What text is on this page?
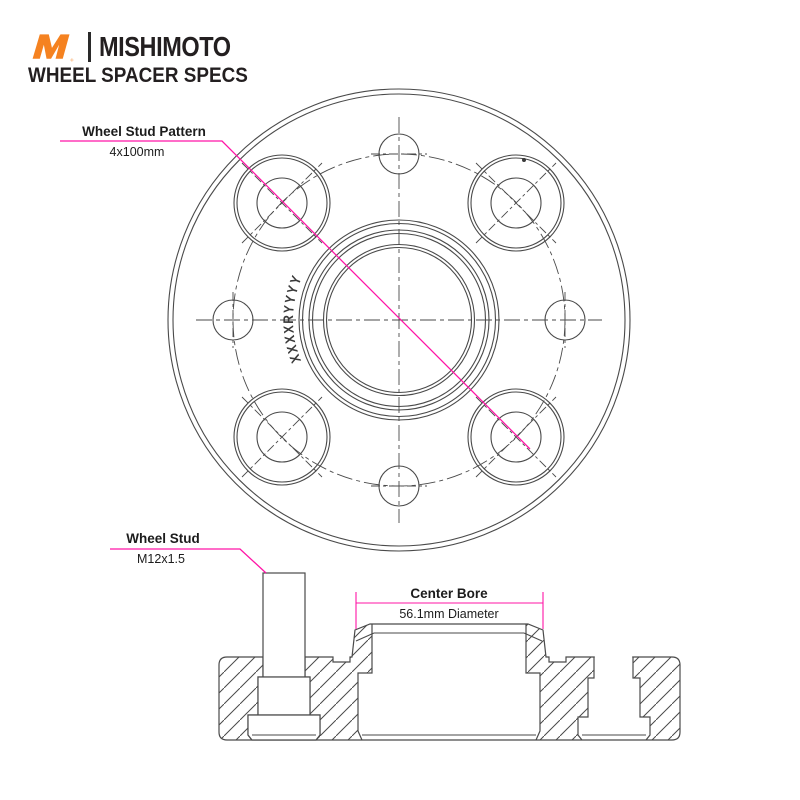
® MISHIMOTO
WHEEL SPACER SPECS
X
X
X
X
R
Y
Y
Y
Y
Wheel Stud Pattern
4x100mm
Wheel Stud
M12x1.5
Center Bore
56.1mm Diameter
